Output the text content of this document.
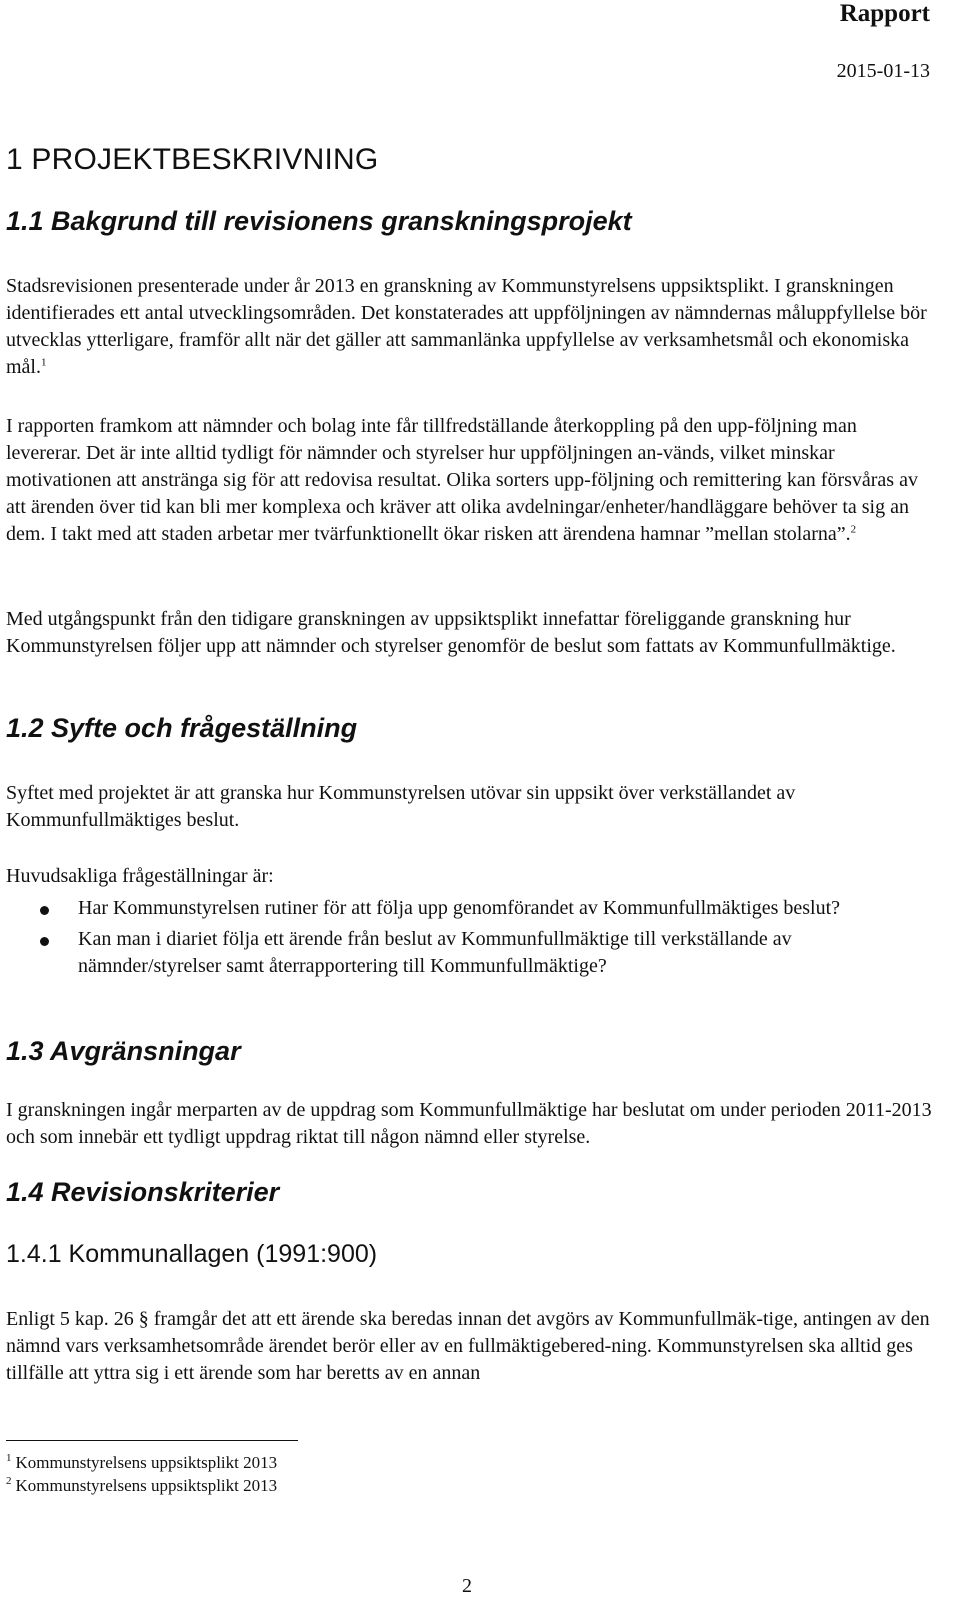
Rapport
2015-01-13
1 PROJEKTBESKRIVNING
1.1 Bakgrund till revisionens granskningsprojekt

Stadsrevisionen presenterade under år 2013 en granskning av Kommunstyrelsens uppsiktsplikt. I granskningen identifierades ett antal utvecklingsområden. Det konstaterades att uppföljningen av nämndernas måluppfyllelse bör utvecklas ytterligare, framför allt när det gäller att sammanlänka uppfyllelse av verksamhetsmål och ekonomiska mål.$^1$

I rapporten framkom att nämnder och bolag inte får tillfredställande återkoppling på den upp-följning man levererar. Det är inte alltid tydligt för nämnder och styrelser hur uppföljningen an-vänds, vilket minskar motivationen att anstränga sig för att redovisa resultat. Olika sorters upp-följning och remittering kan försvåras av att ärenden över tid kan bli mer komplexa och kräver att olika avdelningar/enheter/handläggare behöver ta sig an dem. I takt med att staden arbetar mer tvärfunktionellt ökar risken att ärendena hamnar ”mellan stolarna”.$^2$

Med utgångspunkt från den tidigare granskningen av uppsiktsplikt innefattar föreliggande granskning hur Kommunstyrelsen följer upp att nämnder och styrelser genomför de beslut som fattats av Kommunfullmäktige.

1.2 Syfte och frågeställning

Syftet med projektet är att granska hur Kommunstyrelsen utövar sin uppsikt över verkställandet av Kommunfullmäktiges beslut.

Huvudsakliga frågeställningar är:

Har Kommunstyrelsen rutiner för att följa upp genomförandet av Kommunfullmäktiges beslut?
Kan man i diariet följa ett ärende från beslut av Kommunfullmäktige till verkställande av nämnder/styrelser samt återrapportering till Kommunfullmäktige?
1.3 Avgränsningar

I granskningen ingår merparten av de uppdrag som Kommunfullmäktige har beslutat om under perioden 2011-2013 och som innebär ett tydligt uppdrag riktat till någon nämnd eller styrelse.

1.4 Revisionskriterier
1.4.1 Kommunallagen (1991:900)

Enligt 5 kap. 26 § framgår det att ett ärende ska beredas innan det avgörs av Kommunfullmäk-tige, antingen av den nämnd vars verksamhetsområde ärendet berör eller av en fullmäktigebered-ning. Kommunstyrelsen ska alltid ges tillfälle att yttra sig i ett ärende som har beretts av en annan

$^1$ Kommunstyrelsens uppsiktsplikt 2013
$^2$ Kommunstyrelsens uppsiktsplikt 2013
2
